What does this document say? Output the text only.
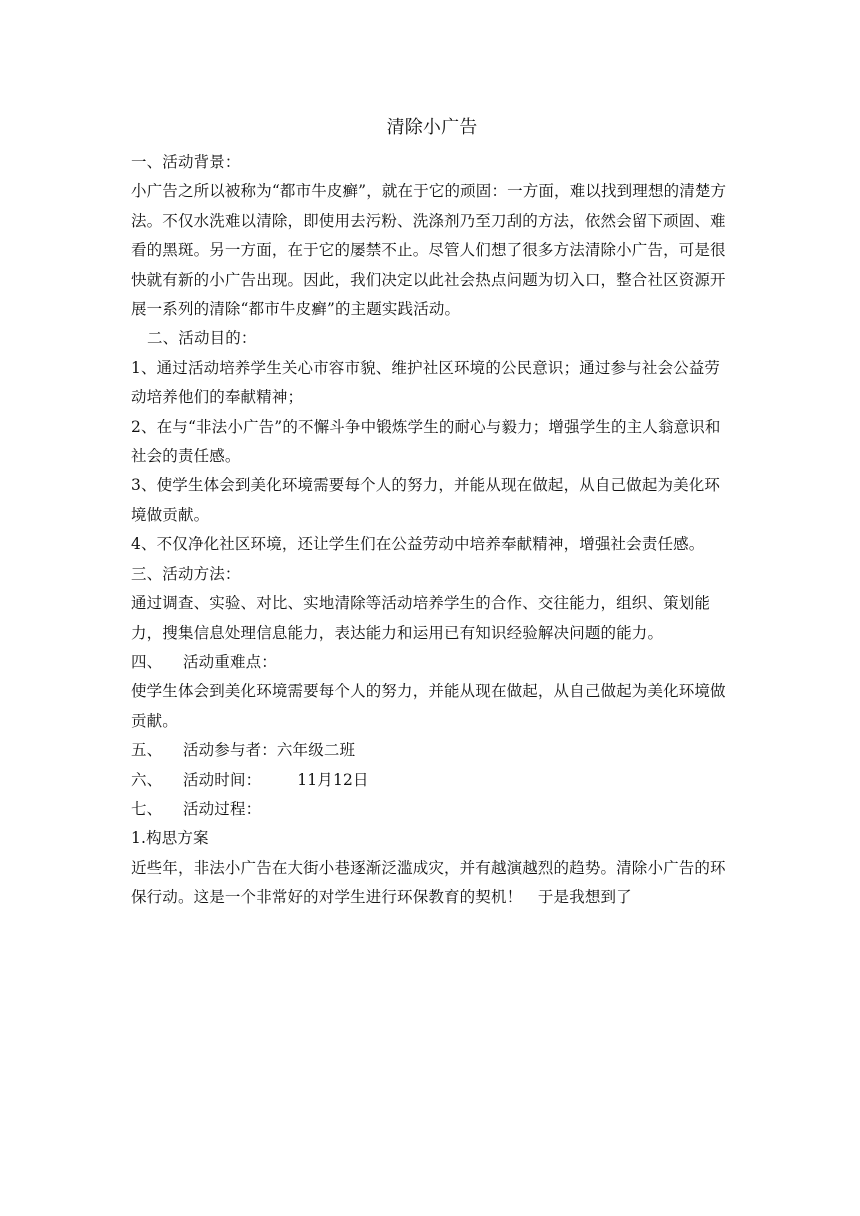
清除小广告

一、活动背景：

小广告之所以被称为“都市牛皮癣”，就在于它的顽固：一方面，难以找到理想的清楚方法。不仅水洗难以清除，即使用去污粉、洗涤剂乃至刀刮的方法，依然会留下顽固、难看的黑斑。另一方面，在于它的屡禁不止。尽管人们想了很多方法清除小广告，可是很快就有新的小广告出现。因此，我们决定以此社会热点问题为切入口，整合社区资源开展一系列的清除“都市牛皮癣”的主题实践活动。

二、活动目的：

1、通过活动培养学生关心市容市貌、维护社区环境的公民意识；通过参与社会公益劳动培养他们的奉献精神；

2、在与“非法小广告”的不懈斗争中锻炼学生的耐心与毅力；增强学生的主人翁意识和社会的责任感。

3、使学生体会到美化环境需要每个人的努力，并能从现在做起，从自己做起为美化环境做贡献。

4、不仅净化社区环境，还让学生们在公益劳动中培养奉献精神，增强社会责任感。

三、活动方法：

通过调查、实验、对比、实地清除等活动培养学生的合作、交往能力，组织、策划能力，搜集信息处理信息能力，表达能力和运用已有知识经验解决问题的能力。

四、 活动重难点：

使学生体会到美化环境需要每个人的努力，并能从现在做起，从自己做起为美化环境做贡献。

五、 活动参与者：六年级二班

六、 活动时间： 11月12日

七、 活动过程：

1.构思方案

近些年，非法小广告在大街小巷逐渐泛滥成灾，并有越演越烈的趋势。清除小广告的环保行动。这是一个非常好的对学生进行环保教育的契机！　于是我想到了
